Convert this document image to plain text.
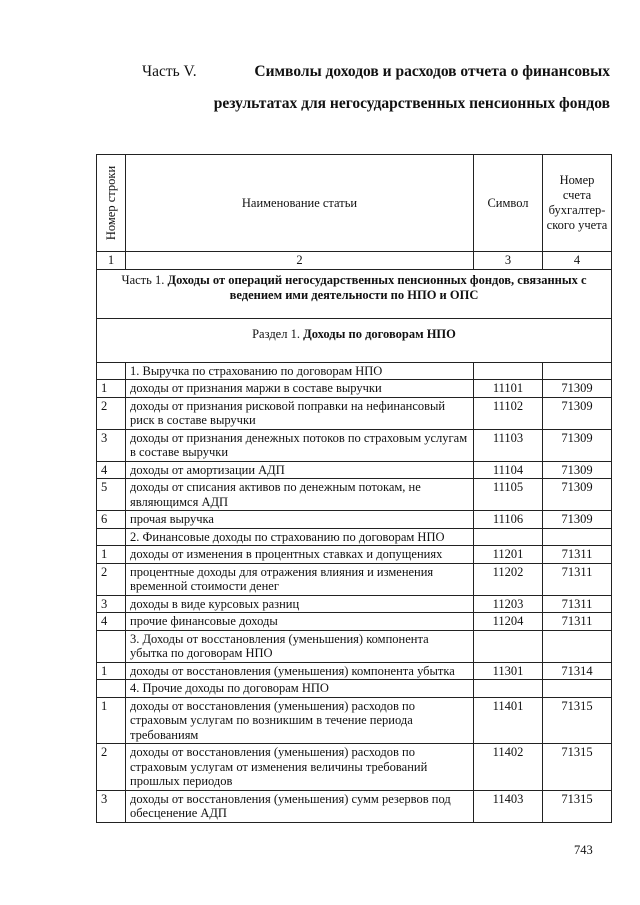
Часть V.	Символы доходов и расходов отчета о финансовых
результатах для негосударственных пенсионных фондов
Номер строки	Наименование статьи	Символ	Номер счета бухгалтер- ского учета
1	2	3	4
Часть 1. Доходы от операций негосударственных пенсионных фондов, связанных с ведением ими деятельности по НПО и ОПС			
Раздел 1. Доходы по договорам НПО			
	1. Выручка по страхованию по договорам НПО		
1	доходы от признания маржи в составе выручки	11101	71309
2	доходы от признания рисковой поправки на нефинансовый риск в составе выручки	11102	71309
3	доходы от признания денежных потоков по страховым услугам в составе выручки	11103	71309
4	доходы от амортизации АДП	11104	71309
5	доходы от списания активов по денежным потокам, не являющимся АДП	11105	71309
6	прочая выручка	11106	71309
	2. Финансовые доходы по страхованию по договорам НПО		
1	доходы от изменения в процентных ставках и допущениях	11201	71311
2	процентные доходы для отражения влияния и изменения временной стоимости денег	11202	71311
3	доходы в виде курсовых разниц	11203	71311
4	прочие финансовые доходы	11204	71311
	3. Доходы от восстановления (уменьшения) компонента убытка по договорам НПО		
1	доходы от восстановления (уменьшения) компонента убытка	11301	71314
	4. Прочие доходы по договорам НПО		
1	доходы от восстановления (уменьшения) расходов по страховым услугам по возникшим в течение периода требованиям	11401	71315
2	доходы от восстановления (уменьшения) расходов по страховым услугам от изменения величины требований прошлых периодов	11402	71315
3	доходы от восстановления (уменьшения) сумм резервов под обесценение АДП	11403	71315
743
